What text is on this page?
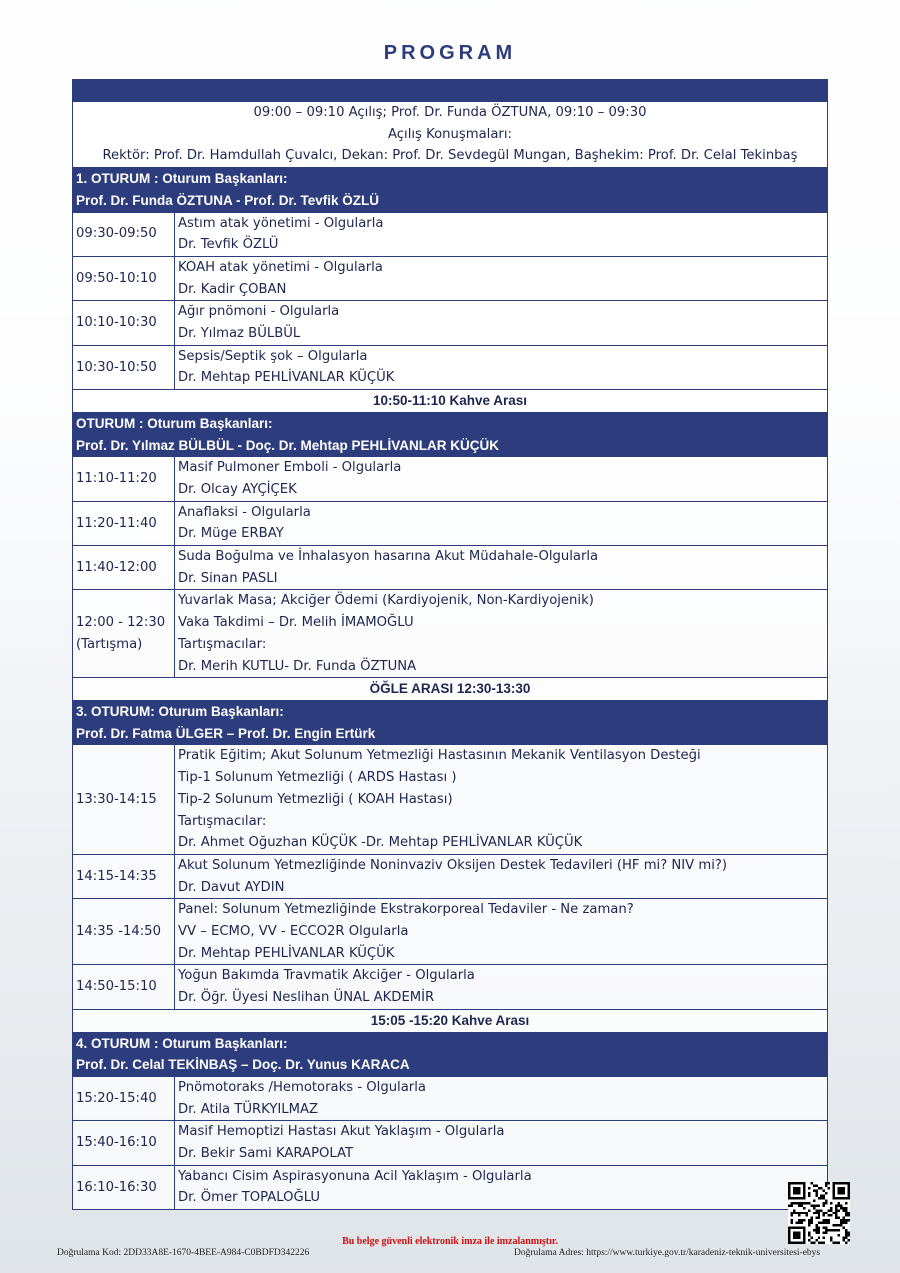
PROGRAM

09:00 – 09:10 Açılış; Prof. Dr. Funda ÖZTUNA, 09:10 – 09:30
Açılış Konuşmaları:
Rektör: Prof. Dr. Hamdullah Çuvalcı, Dekan: Prof. Dr. Sevdegül Mungan, Başhekim: Prof. Dr. Celal Tekinbaş	

1. OTURUM : Oturum Başkanları:
Prof. Dr. Funda ÖZTUNA - Prof. Dr. Tevfik ÖZLÜ	

09:30-09:50	Astım atak yönetimi - Olgularla
Dr. Tevfik ÖZLÜ

09:50-10:10	KOAH atak yönetimi - Olgularla
Dr. Kadir ÇOBAN

10:10-10:30	Ağır pnömoni - Olgularla
Dr. Yılmaz BÜLBÜL

10:30-10:50	Sepsis/Septik şok – Olgularla
Dr. Mehtap PEHLİVANLAR KÜÇÜK

10:50-11:10 Kahve Arası	

OTURUM : Oturum Başkanları:
Prof. Dr. Yılmaz BÜLBÜL - Doç. Dr. Mehtap PEHLİVANLAR KÜÇÜK	

11:10-11:20	Masif Pulmoner Emboli - Olgularla
Dr. Olcay AYÇİÇEK

11:20-11:40	Anaflaksi - Olgularla
Dr. Müge ERBAY

11:40-12:00	Suda Boğulma ve İnhalasyon hasarına Akut Müdahale-Olgularla
Dr. Sinan PASLI

12:00 - 12:30
(Tartışma)	Yuvarlak Masa; Akciğer Ödemi (Kardiyojenik, Non-Kardiyojenik)
Vaka Takdimi – Dr. Melih İMAMOĞLU
Tartışmacılar:
Dr. Merih KUTLU- Dr. Funda ÖZTUNA

ÖĞLE ARASI 12:30-13:30	

3. OTURUM: Oturum Başkanları:
Prof. Dr. Fatma ÜLGER – Prof. Dr. Engin Ertürk	

13:30-14:15	Pratik Eğitim; Akut Solunum Yetmezliği Hastasının Mekanik Ventilasyon Desteği
Tip-1 Solunum Yetmezliği ( ARDS Hastası )
Tip-2 Solunum Yetmezliği ( KOAH Hastası)
Tartışmacılar:
Dr. Ahmet Oğuzhan KÜÇÜK -Dr. Mehtap PEHLİVANLAR KÜÇÜK

14:15-14:35	Akut Solunum Yetmezliğinde Noninvaziv Oksijen Destek Tedavileri (HF mi? NIV mi?)
Dr. Davut AYDIN

14:35 -14:50	Panel: Solunum Yetmezliğinde Ekstrakorporeal Tedaviler - Ne zaman?
VV – ECMO, VV - ECCO2R Olgularla
Dr. Mehtap PEHLİVANLAR KÜÇÜK

14:50-15:10	Yoğun Bakımda Travmatik Akciğer - Olgularla
Dr. Öğr. Üyesi Neslihan ÜNAL AKDEMİR

15:05 -15:20 Kahve Arası	

4. OTURUM : Oturum Başkanları:
Prof. Dr. Celal TEKİNBAŞ – Doç. Dr. Yunus KARACA	

15:20-15:40	Pnömotoraks /Hemotoraks - Olgularla
Dr. Atila TÜRKYILMAZ

15:40-16:10	Masif Hemoptizi Hastası Akut Yaklaşım - Olgularla
Dr. Bekir Sami KARAPOLAT

16:10-16:30	Yabancı Cisim Aspirasyonuna Acil Yaklaşım - Olgularla
Dr. Ömer TOPALOĞLU
Bu belge güvenli elektronik imza ile imzalanmıştır.
Doğrulama Kod: 2DD33A8E-1670-4BEE-A984-C0BDFD342226	Doğrulama Adres: https://www.turkiye.gov.tr/karadeniz-teknik-universitesi-ebys
